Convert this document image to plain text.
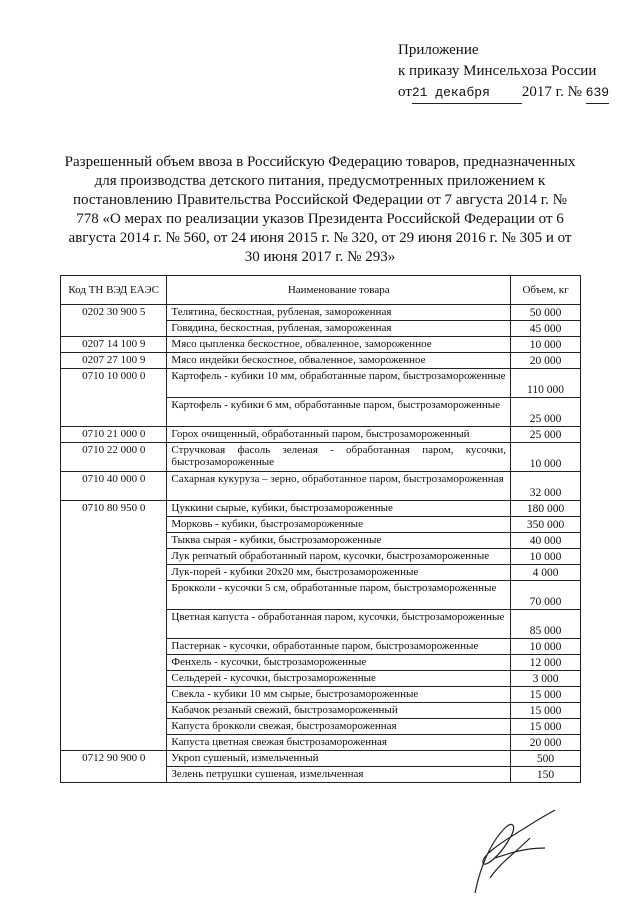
Приложение
к приказу Минсельхоза России
от21 декабря 2017 г. № 639
Разрешенный объем ввоза в Российскую Федерацию товаров, предназначенных для производства детского питания, предусмотренных приложением к постановлению Правительства Российской Федерации от 7 августа 2014 г. № 778 «О мерах по реализации указов Президента Российской Федерации от 6 августа 2014 г. № 560, от 24 июня 2015 г. № 320, от 29 июня 2016 г. № 305 и от 30 июня 2017 г. № 293»
Код ТН ВЭД ЕАЭС	Наименование товара	Объем, кг
0202 30 900 5	Телятина, бескостная, рубленая, замороженная	50 000
	Говядина, бескостная, рубленая, замороженная	45 000
0207 14 100 9	Мясо цыпленка бескостное, обваленное, замороженное	10 000
0207 27 100 9	Мясо индейки бескостное, обваленное, замороженное	20 000
0710 10 000 0	Картофель - кубики 10 мм, обработанные паром, быстрозамороженные	110 000
	Картофель - кубики 6 мм, обработанные паром, быстрозамороженные	25 000
0710 21 000 0	Горох очищенный, обработанный паром, быстрозамороженный	25 000
0710 22 000 0	Стручковая фасоль зеленая - обработанная паром, кусочки, быстрозамороженные	10 000
0710 40 000 0	Сахарная кукуруза – зерно, обработанное паром, быстрозамороженная	32 000
0710 80 950 0	Цуккини сырые, кубики, быстрозамороженные	180 000
	Морковь - кубики, быстрозамороженные	350 000
	Тыква сырая - кубики, быстрозамороженные	40 000
	Лук репчатый обработанный паром, кусочки, быстрозамороженные	10 000
	Лук-порей - кубики 20x20 мм, быстрозамороженные	4 000
	Брокколи - кусочки 5 см, обработанные паром, быстрозамороженные	70 000
	Цветная капуста - обработанная паром, кусочки, быстрозамороженные	85 000
	Пастернак - кусочки, обработанные паром, быстрозамороженные	10 000
	Фенхель - кусочки, быстрозамороженные	12 000
	Сельдерей - кусочки, быстрозамороженные	3 000
	Свекла - кубики 10 мм сырые, быстрозамороженные	15 000
	Кабачок резаный свежий, быстрозамороженный	15 000
	Капуста брокколи свежая, быстрозамороженная	15 000
	Капуста цветная свежая быстрозамороженная	20 000
0712 90 900 0	Укроп сушеный, измельченный	500
	Зелень петрушки сушеная, измельченная	150
